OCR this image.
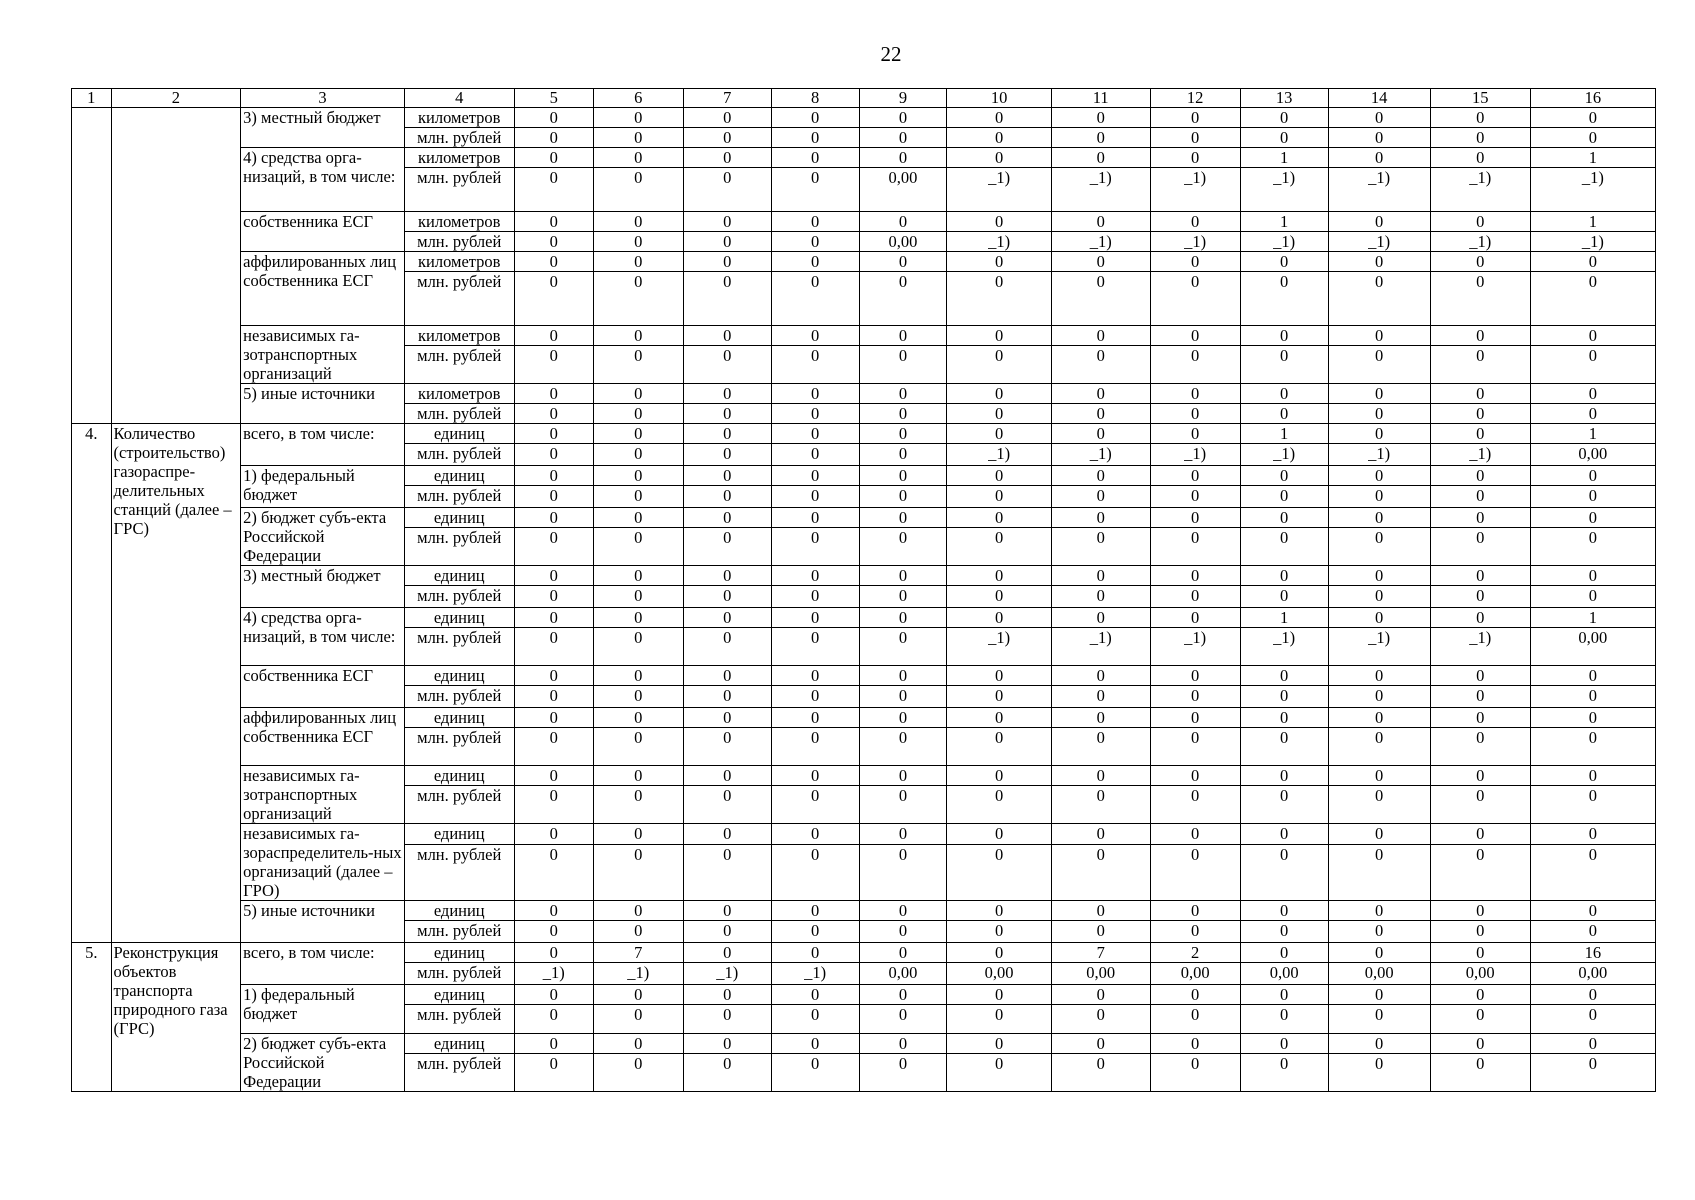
22
1	2	3	4	5	6	7	8	9	10	11	12	13	14	15	16
		3) местный бюджет	километров	0	0	0	0	0	0	0	0	0	0	0	0
			млн. рублей	0	0	0	0	0	0	0	0	0	0	0	0
		4) средства орга-низаций, в том числе:	километров	0	0	0	0	0	0	0	0	1	0	0	1
			млн. рублей	0	0	0	0	0,00	_1)	_1)	_1)	_1)	_1)	_1)	_1)
		собственника ЕСГ	километров	0	0	0	0	0	0	0	0	1	0	0	1
			млн. рублей	0	0	0	0	0,00	_1)	_1)	_1)	_1)	_1)	_1)	_1)
		аффилированных лиц собственника ЕСГ	километров	0	0	0	0	0	0	0	0	0	0	0	0
			млн. рублей	0	0	0	0	0	0	0	0	0	0	0	0
		независимых га-зотранспортных организаций	километров	0	0	0	0	0	0	0	0	0	0	0	0
			млн. рублей	0	0	0	0	0	0	0	0	0	0	0	0
		5) иные источники	километров	0	0	0	0	0	0	0	0	0	0	0	0
			млн. рублей	0	0	0	0	0	0	0	0	0	0	0	0
4.	Количество (строительство) газораспре-делительных станций (далее – ГРС)	всего, в том числе:	единиц	0	0	0	0	0	0	0	0	1	0	0	1
			млн. рублей	0	0	0	0	0	_1)	_1)	_1)	_1)	_1)	_1)	0,00
		1) федеральный бюджет	единиц	0	0	0	0	0	0	0	0	0	0	0	0
			млн. рублей	0	0	0	0	0	0	0	0	0	0	0	0
		2) бюджет субъ-екта Российской Федерации	единиц	0	0	0	0	0	0	0	0	0	0	0	0
			млн. рублей	0	0	0	0	0	0	0	0	0	0	0	0
		3) местный бюджет	единиц	0	0	0	0	0	0	0	0	0	0	0	0
			млн. рублей	0	0	0	0	0	0	0	0	0	0	0	0
		4) средства орга-низаций, в том числе:	единиц	0	0	0	0	0	0	0	0	1	0	0	1
			млн. рублей	0	0	0	0	0	_1)	_1)	_1)	_1)	_1)	_1)	0,00
		собственника ЕСГ	единиц	0	0	0	0	0	0	0	0	0	0	0	0
			млн. рублей	0	0	0	0	0	0	0	0	0	0	0	0
		аффилированных лиц собственника ЕСГ	единиц	0	0	0	0	0	0	0	0	0	0	0	0
			млн. рублей	0	0	0	0	0	0	0	0	0	0	0	0
		независимых га-зотранспортных организаций	единиц	0	0	0	0	0	0	0	0	0	0	0	0
			млн. рублей	0	0	0	0	0	0	0	0	0	0	0	0
		независимых га-зораспределитель-ных организаций (далее – ГРО)	единиц	0	0	0	0	0	0	0	0	0	0	0	0
			млн. рублей	0	0	0	0	0	0	0	0	0	0	0	0
		5) иные источники	единиц	0	0	0	0	0	0	0	0	0	0	0	0
			млн. рублей	0	0	0	0	0	0	0	0	0	0	0	0
5.	Реконструкция объектов транспорта природного газа (ГРС)	всего, в том числе:	единиц	0	7	0	0	0	0	7	2	0	0	0	16
			млн. рублей	_1)	_1)	_1)	_1)	0,00	0,00	0,00	0,00	0,00	0,00	0,00	0,00
		1) федеральный бюджет	единиц	0	0	0	0	0	0	0	0	0	0	0	0
			млн. рублей	0	0	0	0	0	0	0	0	0	0	0	0
		2) бюджет субъ-екта Российской Федерации	единиц	0	0	0	0	0	0	0	0	0	0	0	0
			млн. рублей	0	0	0	0	0	0	0	0	0	0	0	0
